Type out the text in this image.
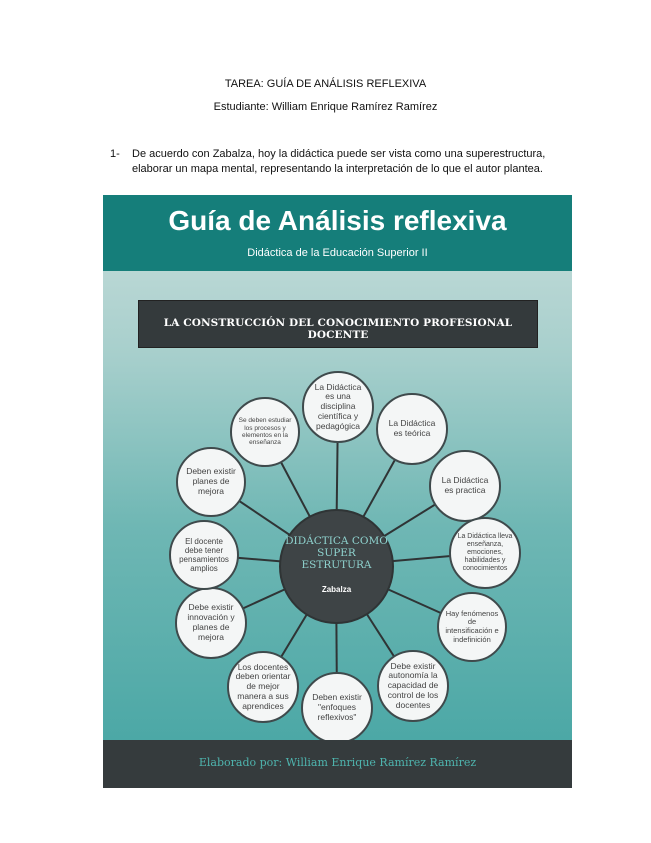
TAREA: GUÍA DE ANÁLISIS REFLEXIVA
Estudiante: William Enrique Ramírez Ramírez
1- De acuerdo con Zabalza, hoy la didáctica puede ser vista como una superestructura, elaborar un mapa mental, representando la interpretación de lo que el autor plantea.
Guía de Análisis reflexiva
Didáctica de la Educación Superior II
LA CONSTRUCCIÓN DEL CONOCIMIENTO PROFESIONAL DOCENTE
La Didáctica es una disciplina científica y pedagógica	La Didáctica es teórica
La Didáctica es practica
La Didáctica lleva enseñanza, emociones, habilidades y conocimientos
Hay fenómenos de intensificación e indefinición
Debe existir autonomía la capacidad de control de los docentes
Deben existir "enfoques reflexivos"
Los docentes deben orientar de mejor manera a sus aprendices
Debe existir innovación y planes de mejora
El docente debe tener pensamientos amplios
Deben existir planes de mejora
Se deben estudiar los procesos y elementos en la enseñanza
DIDÁCTICA COMO SUPER ESTRUTURA
Zabalza
Elaborado por: William Enrique Ramírez Ramírez
